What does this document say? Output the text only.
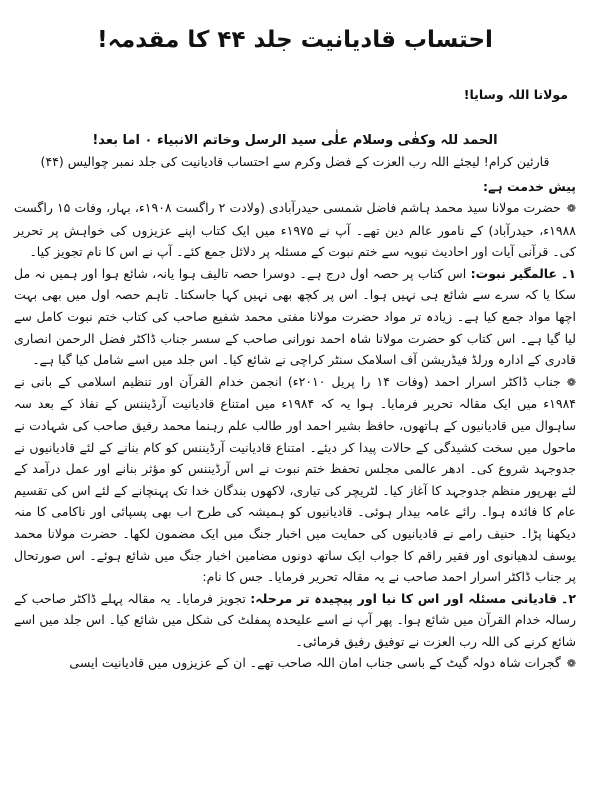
احتساب قادیانیت جلد ۴۴ کا مقدمہ!
مولانا اللہ وسایا!
الحمد للہ وکفٰی وسلام علٰی سید الرسل وخاتم الانبیاء ۰ اما بعد!
قارئین کرام! لیجئے اللہ رب العزت کے فضل وکرم سے احتساب قادیانیت کی جلد نمبر چوالیس (۴۴)
پیش خدمت ہے:

❁حضرت مولانا سید محمد ہاشم فاضل شمسی حیدرآبادی (ولادت ۲ راگست ۱۹۰۸ء، بہار، وفات ۱۵ راگست ۱۹۸۸ء، حیدرآباد) کے نامور عالم دین تھے۔ آپ نے ۱۹۷۵ء میں ایک کتاب اپنے عزیزوں کی خواہش پر تحریر کی۔ قرآنی آیات اور احادیث نبویہ سے ختم نبوت کے مسئلہ پر دلائل جمع کئے۔ آپ نے اس کا نام تجویز کیا۔

۱۔عالمگیر نبوت: اس کتاب پر حصہ اول درج ہے۔ دوسرا حصہ تالیف ہوا یانہ، شائع ہوا اور ہمیں نہ مل سکا یا کہ سرے سے شائع ہی نہیں ہوا۔ اس پر کچھ بھی نہیں کہا جاسکتا۔ تاہم حصہ اول میں بھی بہت اچھا مواد جمع کیا ہے۔ زیادہ تر مواد حضرت مولانا مفتی محمد شفیع صاحب کی کتاب ختم نبوت کامل سے لیا گیا ہے۔ اس کتاب کو حضرت مولانا شاہ احمد نورانی صاحب کے سسر جناب ڈاکٹر فضل الرحمن انصاری قادری کے ادارہ ورلڈ فیڈریشن آف اسلامک سنٹر کراچی نے شائع کیا۔ اس جلد میں اسے شامل کیا گیا ہے۔

❁جناب ڈاکٹر اسرار احمد (وفات ۱۴ را پریل ۲۰۱۰ء) انجمن خدام القرآن اور تنظیم اسلامی کے بانی نے ۱۹۸۴ء میں ایک مقالہ تحریر فرمایا۔ ہوا یہ کہ ۱۹۸۴ء میں امتناع قادیانیت آرڈیننس کے نفاذ کے بعد سہ ساہوال میں قادیانیوں کے ہاتھوں، حافظ بشیر احمد اور طالب علم رہنما محمد رفیق صاحب کی شہادت نے ماحول میں سخت کشیدگی کے حالات پیدا کر دیئے۔ امتناع قادیانیت آرڈیننس کو کام بنانے کے لئے قادیانیوں نے جدوجہد شروع کی۔ ادھر عالمی مجلس تحفظ ختم نبوت نے اس آرڈیننس کو مؤثر بنانے اور عمل درآمد کے لئے بھرپور منظم جدوجہد کا آغاز کیا۔ لٹریچر کی تیاری، لاکھوں بندگان خدا تک پہنچانے کے لئے اس کی تقسیم عام کا فائدہ ہوا۔ رائے عامہ بیدار ہوئی۔ قادیانیوں کو ہمیشہ کی طرح اب بھی پسپائی اور ناکامی کا منہ دیکھنا پڑا۔ حنیف رامے نے قادیانیوں کی حمایت میں اخبار جنگ میں ایک مضمون لکھا۔ حضرت مولانا محمد یوسف لدھیانوی اور فقیر راقم کا جواب ایک ساتھ دونوں مضامین اخبار جنگ میں شائع ہوئے۔ اس صورتحال پر جناب ڈاکٹر اسرار احمد صاحب نے یہ مقالہ تحریر فرمایا۔ جس کا نام:

۲۔قادیانی مسئلہ اور اس کا نیا اور پیچیدہ تر مرحلہ: تجویز فرمایا۔ یہ مقالہ پہلے ڈاکٹر صاحب کے رسالہ خدام القرآن میں شائع ہوا۔ پھر آپ نے اسے علیحدہ پمفلٹ کی شکل میں شائع کیا۔ اس جلد میں اسے شائع کرنے کی اللہ رب العزت نے توفیق رفیق فرمائی۔

❁گجرات شاہ دولہ گیٹ کے باسی جناب امان اللہ صاحب تھے۔ ان کے عزیزوں میں قادیانیت ایسی
